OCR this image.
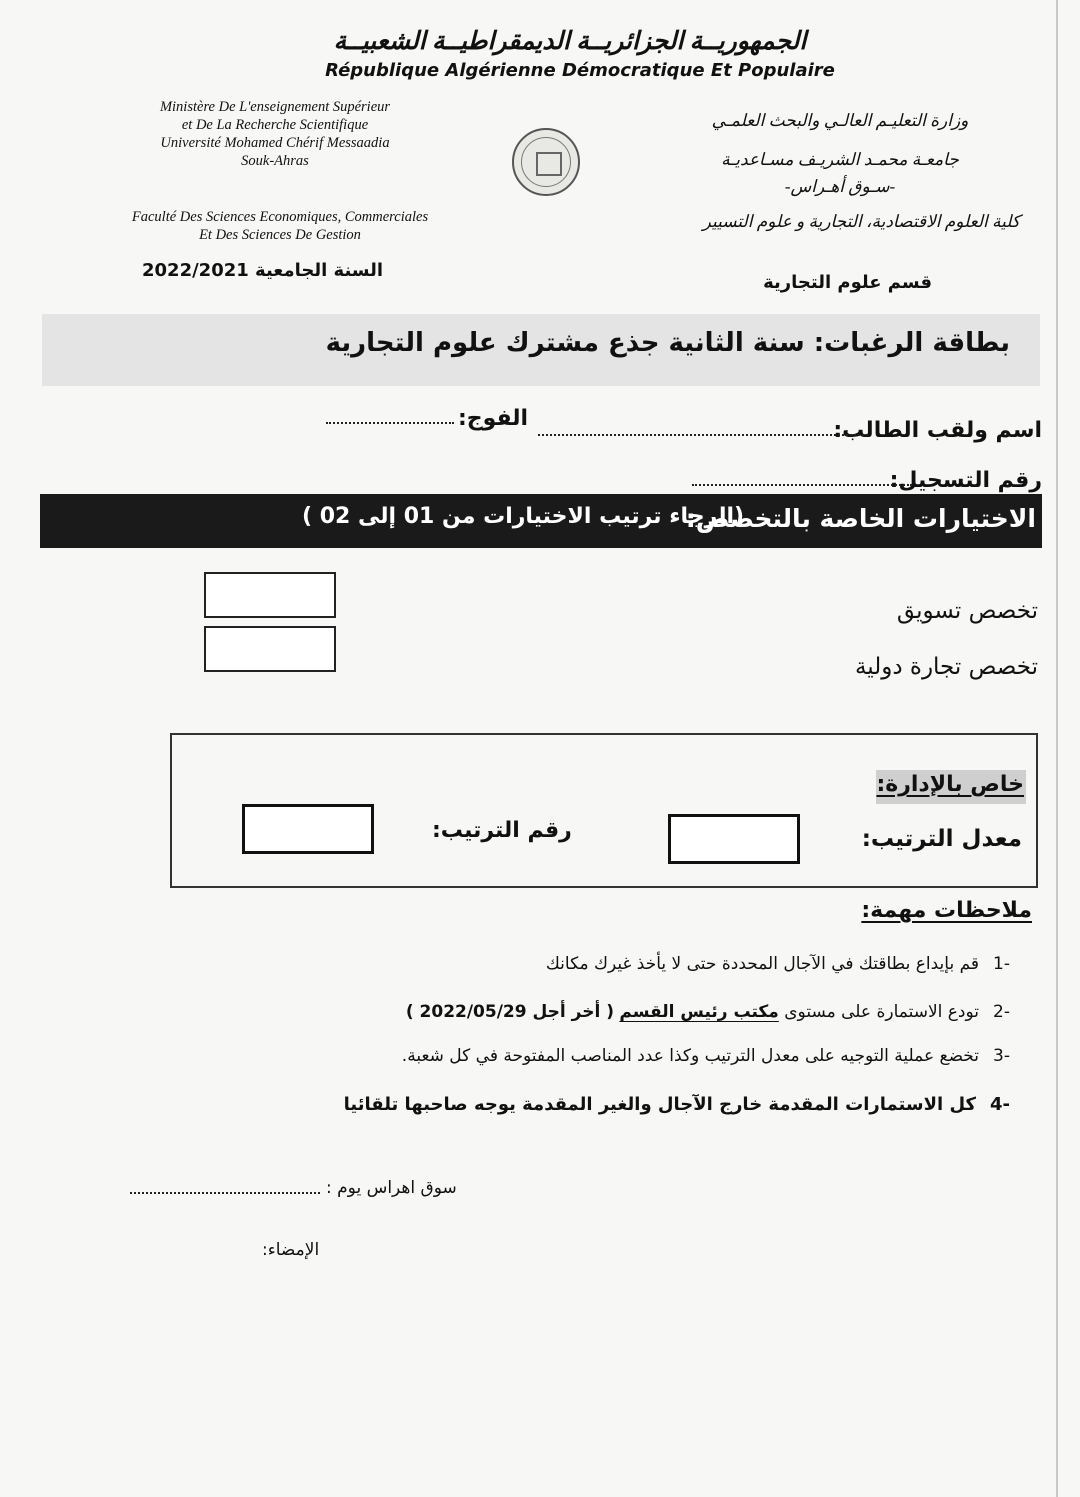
الجمهوريــة الجزائريــة الديمقراطيــة الشعبيــة
République Algérienne Démocratique Et Populaire
Ministère De L'enseignement Supérieur
et De La Recherche Scientifique
Université Mohamed Chérif Messaadia
Souk-Ahras
Faculté Des Sciences Economiques, Commerciales
Et Des Sciences De Gestion
وزارة التعليـم العالـي والبحث العلمـي
جامعـة محمـد الشريـف مسـاعديـة
-سـوق أهـراس-
كلية العلوم الاقتصادية، التجارية و علوم التسيير
السنة الجامعية 2022/2021
قسم علوم التجارية
بطاقة الرغبات: سنة الثانية جذع مشترك علوم التجارية
اسم ولقب الطالب:
الفوج:
رقم التسجيل:
الاختيارات الخاصة بالتخصص:
(الرجاء ترتيب الاختيارات من 01 إلى 02 )
تخصص تسويق
تخصص تجارة دولية
خاص بالإدارة:
معدل الترتيب:
رقم الترتيب:
ملاحظات مهمة:
-1قم بإيداع بطاقتك في الآجال المحددة حتى لا يأخذ غيرك مكانك
-2تودع الاستمارة على مستوى مكتب رئيس القسم ( أخر أجل 2022/05/29 )
-3تخضع عملية التوجيه على معدل الترتيب وكذا عدد المناصب المفتوحة في كل شعبة.
-4كل الاستمارات المقدمة خارج الآجال والغير المقدمة يوجه صاحبها تلقائيا
سوق اهراس يوم :
الإمضاء:
